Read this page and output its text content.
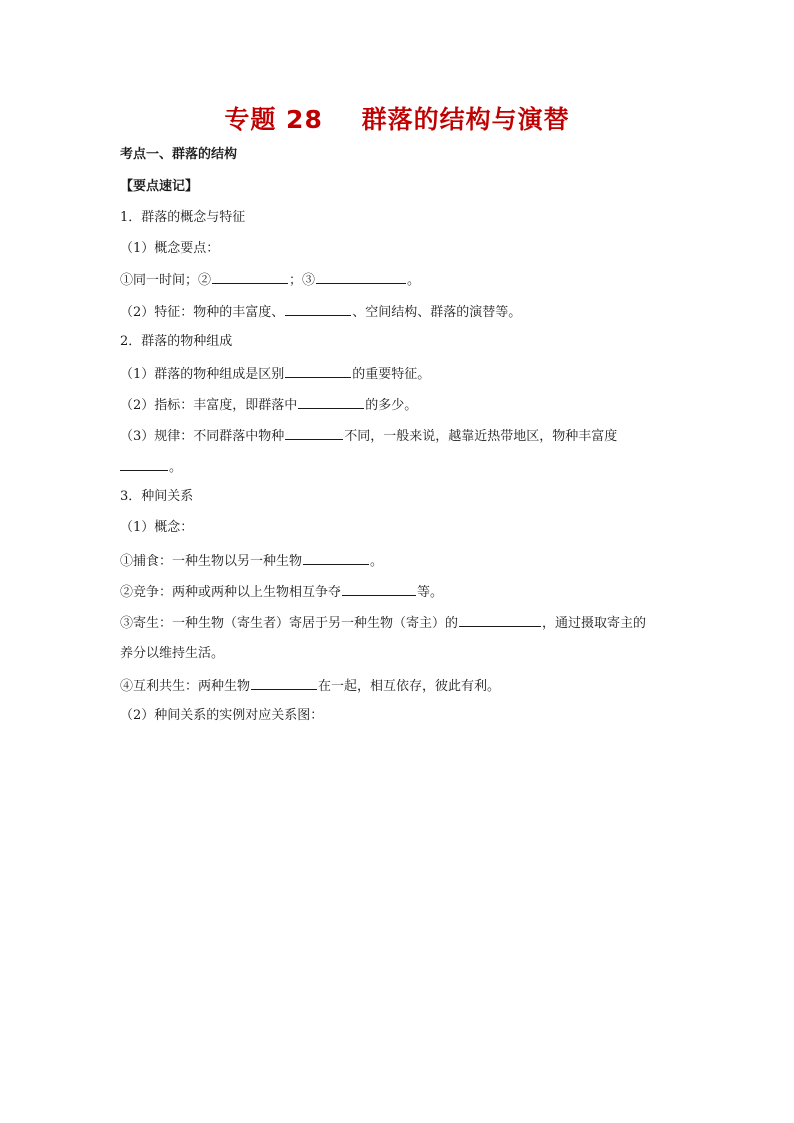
专题 28    群落的结构与演替
考点一、群落的结构
【要点速记】
1．群落的概念与特征
（1）概念要点：
①同一时间；②	；③	。
（2）特征：物种的丰富度、	、空间结构、群落的演替等。
2．群落的物种组成
（1）群落的物种组成是区别	的重要特征。
（2）指标：丰富度，即群落中	的多少。
（3）规律：不同群落中物种	不同，一般来说，越靠近热带地区，物种丰富度
。
3．种间关系
（1）概念：
①捕食：一种生物以另一种生物	。
②竞争：两种或两种以上生物相互争夺	等。
③寄生：一种生物（寄生者）寄居于另一种生物（寄主）的	，通过摄取寄主的
养分以维持生活。
④互利共生：两种生物	在一起，相互依存，彼此有利。
（2）种间关系的实例对应关系图：
